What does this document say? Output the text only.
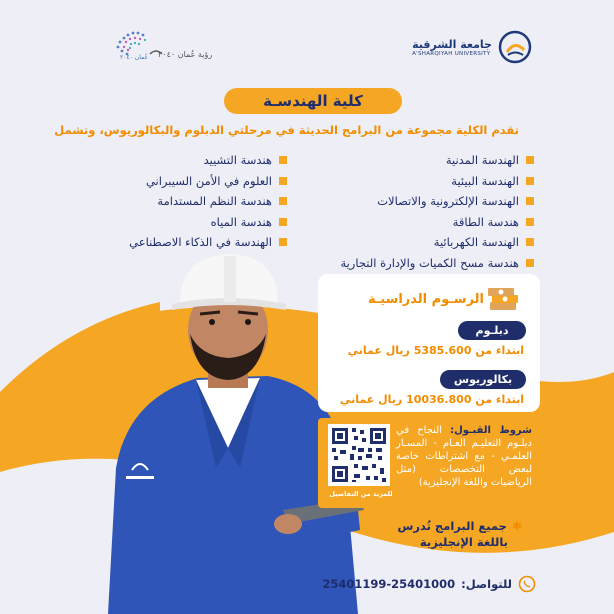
جامعة الشرقية
A'SHARQIYAH UNIVERSITY
رؤية عُمان ٢٠٤٠
عُمان ٢٠٤٠
كلية الهندسـة
تقدم الكلية مجموعة من البرامج الحديثة في مرحلتي الدبلوم والبكالوريوس، وتشمل
الهندسة المدنية
الهندسة البيئية
الهندسة الإلكترونية والاتصالات
هندسة الطاقة
الهندسة الكهربائية
هندسة مسح الكميات والإدارة التجارية
هندسة التشييد
العلوم في الأمن السيبراني
هندسة النظم المستدامة
هندسة المياه
الهندسة في الذكاء الاصطناعي
الرسـوم الدراسيـة
دبلـوم
ابتداء من 5385.600 ريال عماني
بكالوريوس
ابتداء من 10036.800 ريال عماني
للمزيد من التفاصيل
شروط القبـول: النجاح في دبلـوم التعليـم العـام - المسـار العلمـي - مع اشتراطات خاصة لبعض التخصصات (مثل الرياضيات واللغة الإنجليزية)
✱
جميع البرامج تُدرس
باللغة الإنجليزية
للتواصل:
25401199-25401000
